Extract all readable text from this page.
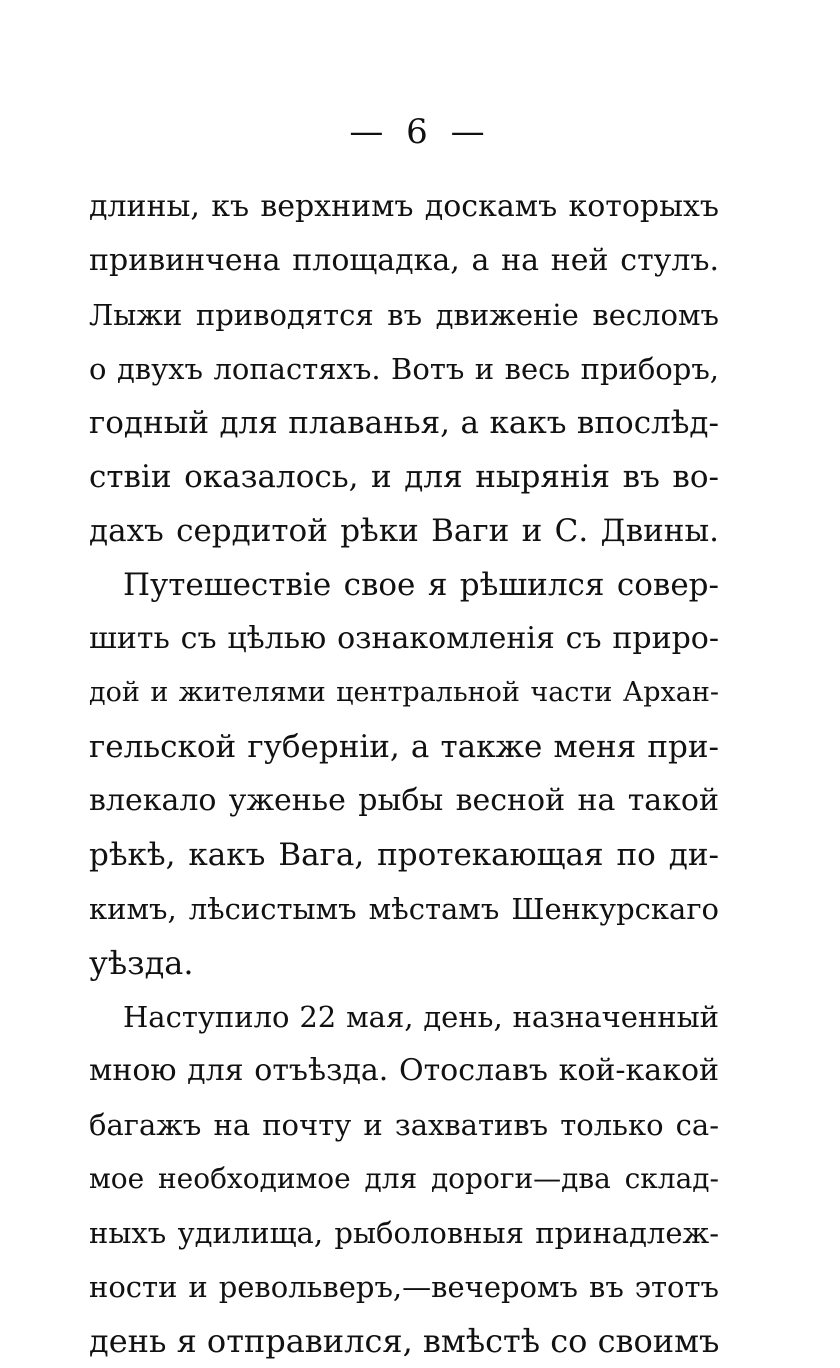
— 6 —
длины, къ верхнимъ доскамъ которыхъ
привинчена площадка, а на ней стулъ.
Лыжи приводятся въ движенiе весломъ
о двухъ лопастяхъ. Вотъ и весь приборъ,
годный для плаванья, а какъ впослѣд-
ствiи оказалось, и для нырянiя въ во-
дахъ сердитой рѣки Ваги и С. Двины.
Путешествiе свое я рѣшился совер-
шить съ цѣлью ознакомленiя съ приро-
дой и жителями центральной части Архан-
гельской губернiи, а также меня при-
влекало уженье рыбы весной на такой
рѣкѣ, какъ Вага, протекающая по ди-
кимъ, лѣсистымъ мѣстамъ Шенкурскаго
уѣзда.
Наступило 22 мая, день, назначенный
мною для отъѣзда. Отославъ кой-какой
багажъ на почту и захвативъ только са-
мое необходимое для дороги—два склад-
ныхъ удилища, рыболовныя принадлеж-
ности и револьверъ,—вечеромъ въ этотъ
день я отправился, вмѣстѣ со своимъ
